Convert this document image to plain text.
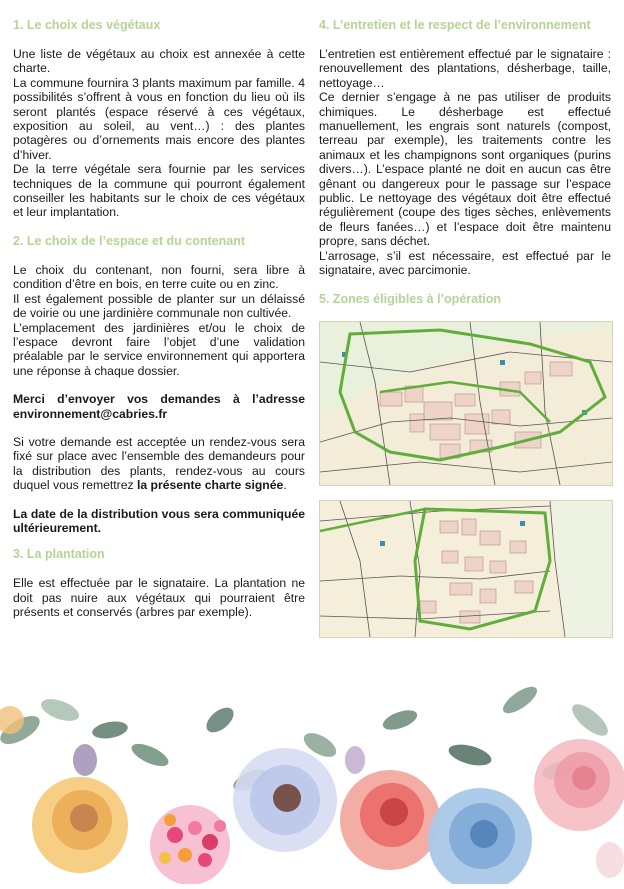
1. Le choix des végétaux

Une liste de végétaux au choix est annexée à cette charte.

La commune fournira 3 plants maximum par famille. 4 possibilités s’offrent à vous en fonction du lieu où ils seront plantés (espace réservé à ces végétaux, exposition au soleil, au vent…) : des plantes potagères ou d’ornements mais encore des plantes d’hiver.

De la terre végétale sera fournie par les services techniques de la commune qui pourront également conseiller les habitants sur le choix de ces végétaux et leur implantation.

2. Le choix de l’espace et du contenant

Le choix du contenant, non fourni, sera libre à condition d’être en bois, en terre cuite ou en zinc.

Il est également possible de planter sur un délaissé de voirie ou une jardinière communale non cultivée.

L’emplacement des jardinières et/ou le choix de l’espace devront faire l’objet d’une validation préalable par le service environnement qui apportera une réponse à chaque dossier.

Merci d’envoyer vos demandes à l’adresse environnement@cabries.fr

Si votre demande est acceptée un rendez-vous sera fixé sur place avec l’ensemble des demandeurs pour la distribution des plants, rendez-vous au cours duquel vous remettrez la présente charte signée.

La date de la distribution vous sera communiquée ultérieurement.

3. La plantation

Elle est effectuée par le signataire. La plantation ne doit pas nuire aux végétaux qui pourraient être présents et conservés (arbres par exemple).

4. L’entretien et le respect de l’environnement

L’entretien est entièrement effectué par le signataire : renouvellement des plantations, désherbage, taille, nettoyage…

Ce dernier s’engage à ne pas utiliser de produits chimiques. Le désherbage est effectué manuellement, les engrais sont naturels (compost, terreau par exemple), les traitements contre les animaux et les champignons sont organiques (purins divers…). L’espace planté ne doit en aucun cas être gênant ou dangereux pour le passage sur l’espace public. Le nettoyage des végétaux doit être effectué régulièrement (coupe des tiges sèches, enlèvements de fleurs fanées…) et l’espace doit être maintenu propre, sans déchet.

L’arrosage, s’il est nécessaire, est effectué par le signataire, avec parcimonie.

5. Zones éligibles à l’opération
